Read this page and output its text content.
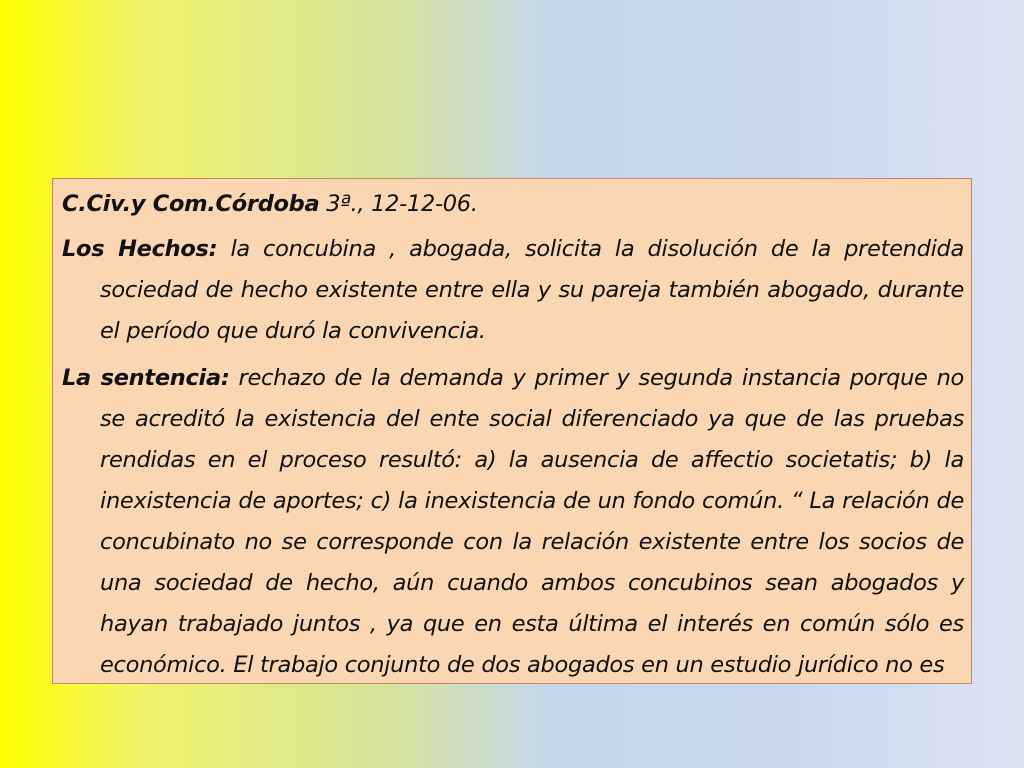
C.Civ.y Com.Córdoba 3ª., 12-12-06.

Los Hechos: la concubina , abogada, solicita la disolución de la pretendida sociedad de hecho existente entre ella y su pareja también abogado, durante el período que duró la convivencia.

La sentencia: rechazo de la demanda y primer y segunda instancia porque no se acreditó la existencia del ente social diferenciado ya que de las pruebas rendidas en el proceso resultó: a) la ausencia de affectio societatis; b) la inexistencia de aportes; c) la inexistencia de un fondo común. “ La relación de concubinato no se corresponde con la relación existente entre los socios de una sociedad de hecho, aún cuando ambos concubinos sean abogados y hayan trabajado juntos , ya que en esta última el interés en común sólo es económico. El trabajo conjunto de dos abogados en un estudio jurídico no es
